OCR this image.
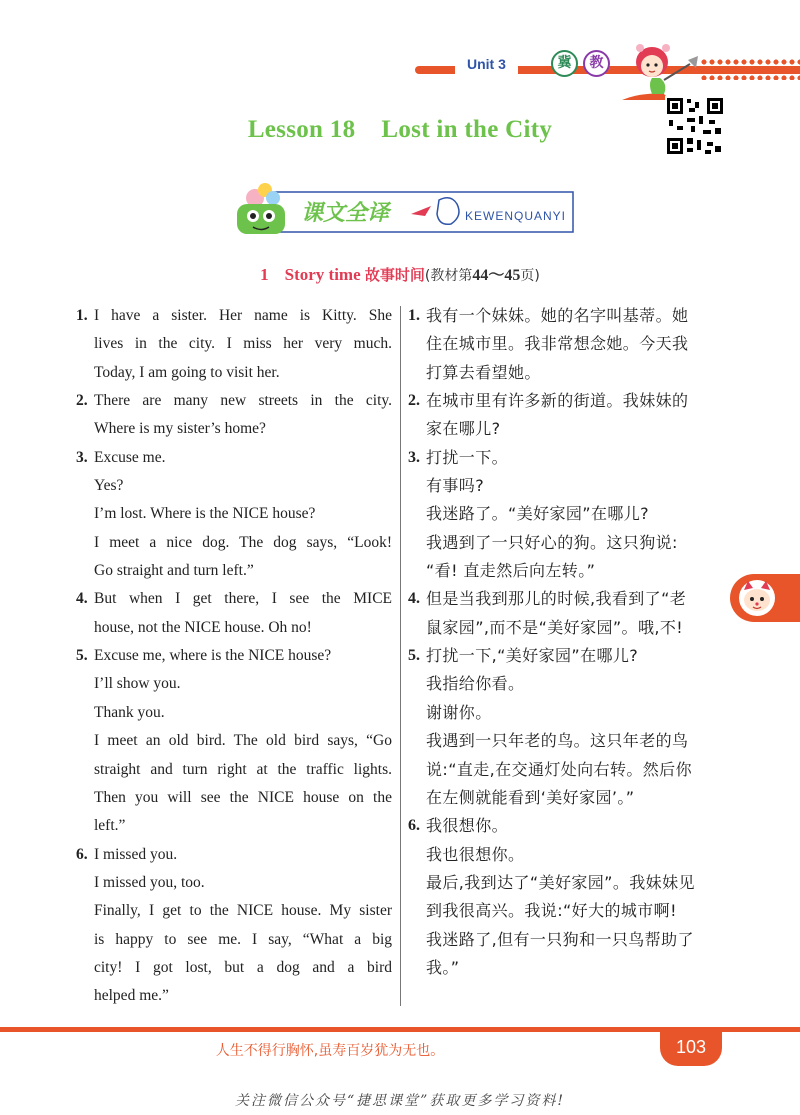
Unit 3	冀	教
Lesson 18 Lost in the City
课文全译	KEWENQUANYI
1 Story time 故事时间(教材第44～45页)
1. I have a sister. Her name is Kitty. She
lives in the city. I miss her very much.
Today, I am going to visit her.
2. There are many new streets in the city.
Where is my sister’s home?
3. Excuse me.
Yes?
I’m lost. Where is the NICE house?
I meet a nice dog. The dog says, “Look!
Go straight and turn left.”
4. But when I get there, I see the MICE
house, not the NICE house. Oh no!
5. Excuse me, where is the NICE house?
I’ll show you.
Thank you.
I meet an old bird. The old bird says, “Go
straight and turn right at the traffic lights.
Then you will see the NICE house on the
left.”
6. I missed you.
I missed you, too.
Finally, I get to the NICE house. My sister
is happy to see me. I say, “What a big
city! I got lost, but a dog and a bird
helped me.”
1. 我有一个妹妹。她的名字叫基蒂。她
住在城市里。我非常想念她。今天我
打算去看望她。
2. 在城市里有许多新的街道。我妹妹的
家在哪儿?
3. 打扰一下。
有事吗?
我迷路了。“美好家园”在哪儿?
我遇到了一只好心的狗。这只狗说:
“看! 直走然后向左转。”
4. 但是当我到那儿的时候,我看到了“老
鼠家园”,而不是“美好家园”。哦,不!
5. 打扰一下,“美好家园”在哪儿?
我指给你看。
谢谢你。
我遇到一只年老的鸟。这只年老的鸟
说:“直走,在交通灯处向右转。然后你
在左侧就能看到‘美好家园’。”
6. 我很想你。
我也很想你。
最后,我到达了“美好家园”。我妹妹见
到我很高兴。我说:“好大的城市啊!
我迷路了,但有一只狗和一只鸟帮助了
我。”
人生不得行胸怀,虽寿百岁犹为无也。	103
关注微信公众号“捷思课堂”获取更多学习资料!
